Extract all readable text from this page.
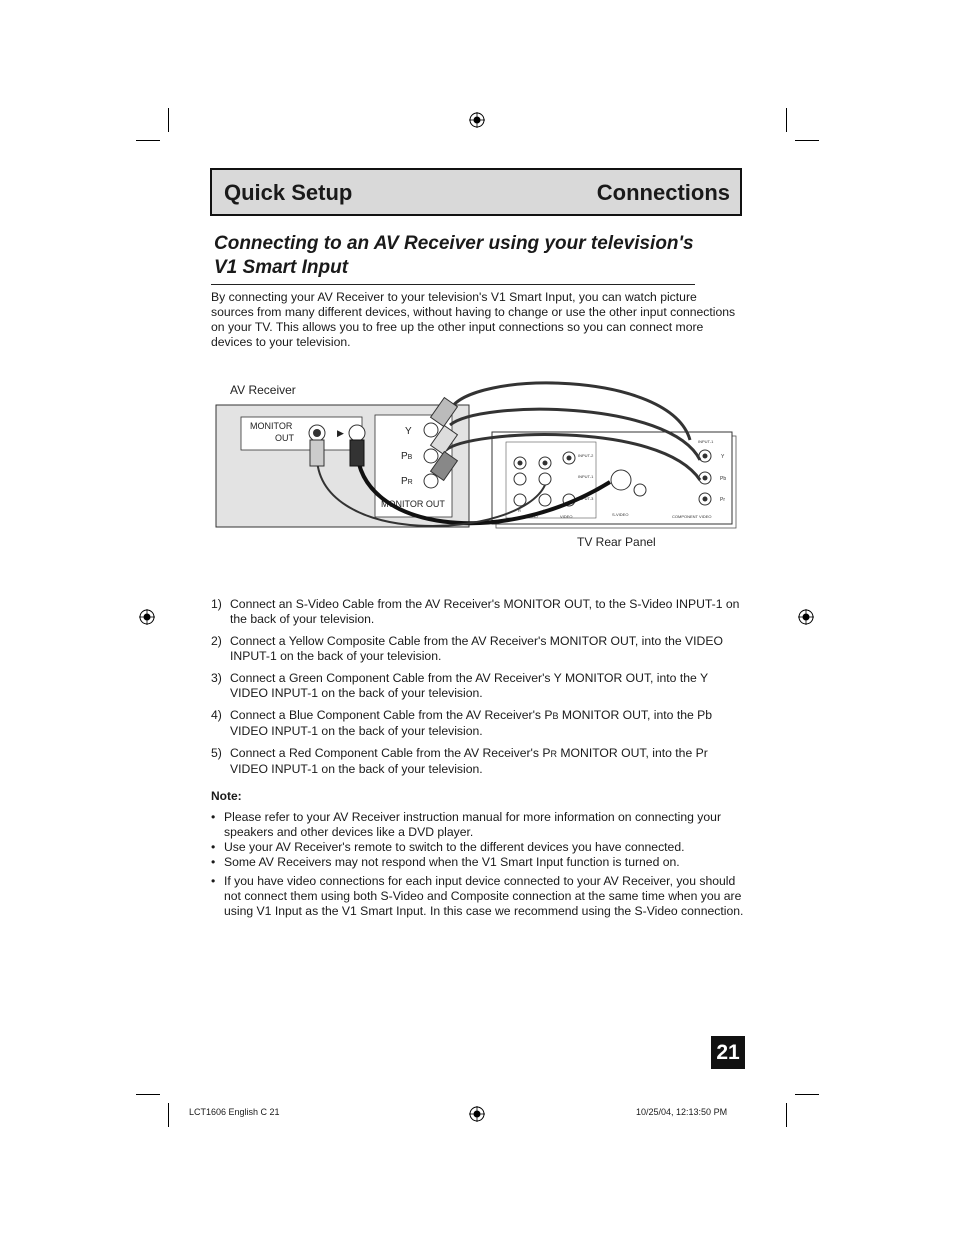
Quick Setup	Connections
Connecting to an AV Receiver using your television's V1 Smart Input
By connecting your AV Receiver to your television's V1 Smart Input, you can watch picture sources from many different devices, without having to change or use the other input connections on your TV. This allows you to free up the other input connections so you can connect more devices to your television.
AV Receiver
MONITOR
OUT	▶	Y
PB
PR
MONITOR OUT
INPUT-2
INPUT-1
INPUT-3
INPUT-1
Y
Pb
Pr
R	L
AUDIO	VIDEO	S-VIDEO	COMPONENT VIDEO
TV Rear Panel
1) Connect an S-Video Cable from the AV Receiver's MONITOR OUT, to the S-Video INPUT-1 on the back of your television.
2) Connect a Yellow Composite Cable from the AV Receiver's MONITOR OUT, into the VIDEO INPUT-1 on the back of your television.
3) Connect a Green Component Cable from the AV Receiver's Y MONITOR OUT, into the Y VIDEO INPUT-1 on the back of your television.
4) Connect a Blue Component Cable from the AV Receiver's PB MONITOR OUT, into the Pb VIDEO INPUT-1 on the back of your television.
5) Connect a Red Component Cable from the AV Receiver's PR MONITOR OUT, into the Pr VIDEO INPUT-1 on the back of your television.
Note:
• Please refer to your AV Receiver instruction manual for more information on connecting your speakers and other devices like a DVD player.
• Use your AV Receiver's remote to switch to the different devices you have connected.
• Some AV Receivers may not respond when the V1 Smart Input function is turned on.
• If you have video connections for each input device connected to your AV Receiver, you should not connect them using both S-Video and Composite connection at the same time when you are using V1 Input as the V1 Smart Input. In this case we recommend using the S-Video connection.
21
LCT1606 English C 21	10/25/04, 12:13:50 PM
